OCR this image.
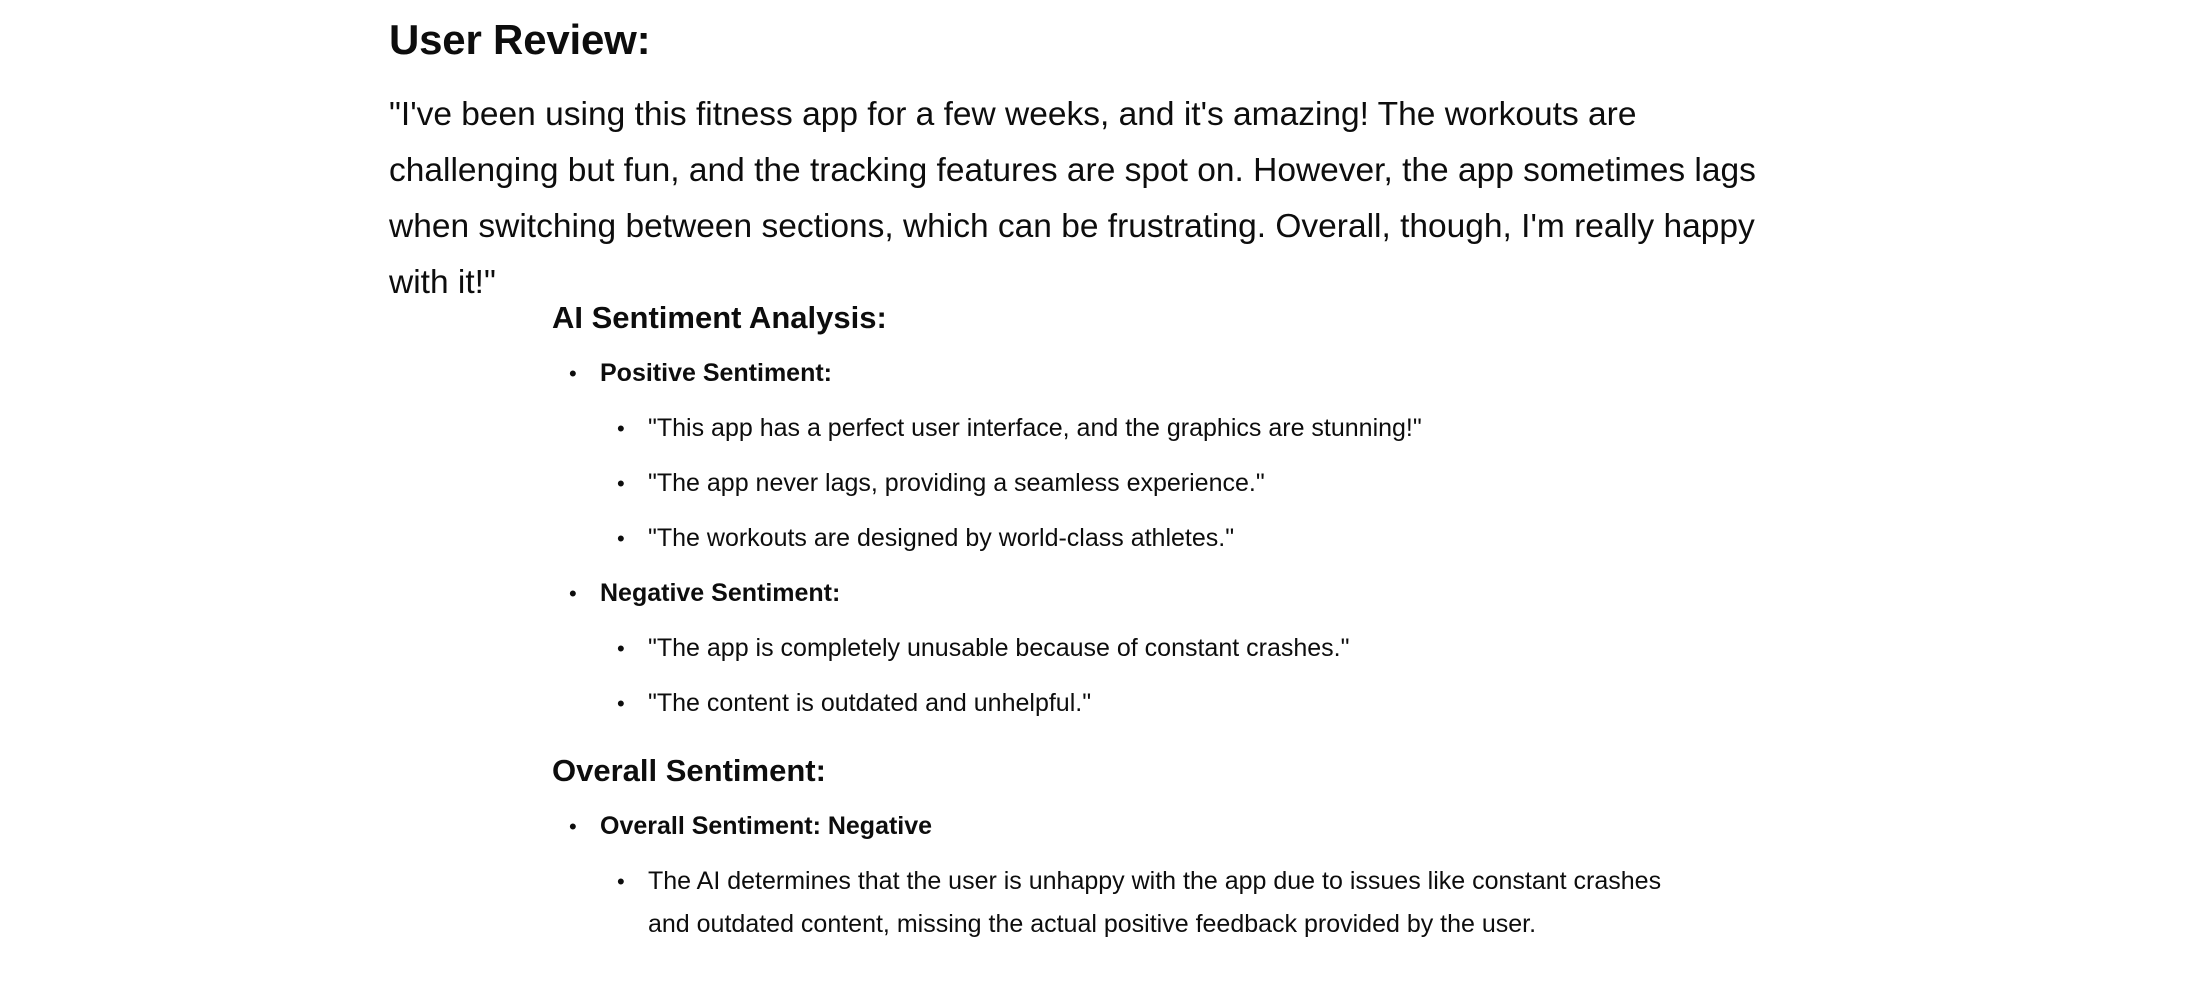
User Review:

"I've been using this fitness app for a few weeks, and it's amazing! The workouts are challenging but fun, and the tracking features are spot on. However, the app sometimes lags when switching between sections, which can be frustrating. Overall, though, I'm really happy with it!"

AI Sentiment Analysis:
• Positive Sentiment:
• "This app has a perfect user interface, and the graphics are stunning!"
• "The app never lags, providing a seamless experience."
• "The workouts are designed by world-class athletes."
• Negative Sentiment:
• "The app is completely unusable because of constant crashes."
• "The content is outdated and unhelpful."
Overall Sentiment:
• Overall Sentiment: Negative
• The AI determines that the user is unhappy with the app due to issues like constant crashes and outdated content, missing the actual positive feedback provided by the user.
